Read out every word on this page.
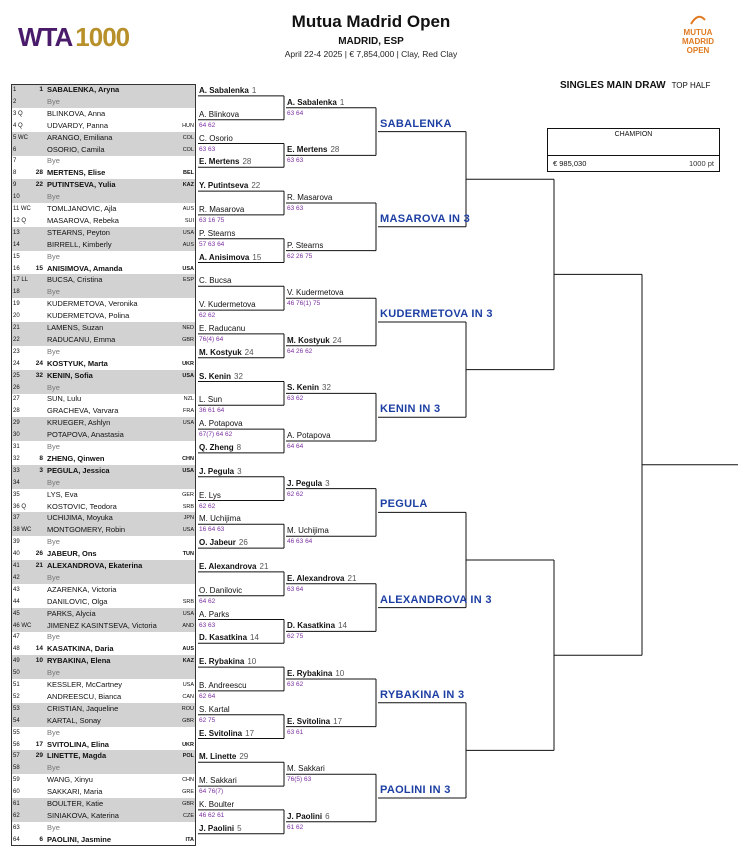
WTA 1000
Mutua Madrid Open
MADRID, ESP
April 22-4 2025 | € 7,854,000 | Clay, Red Clay

MUTUA
MADRID
OPEN
SINGLES MAIN DRAW TOP HALF
CHAMPION
€ 985,030	1000 pt
1	1 SABALENKA, Aryna
2	Bye
3 Q	BLINKOVA, Anna
4 Q	UDVARDY, Panna	HUN
5 WC	ARANGO, Emiliana	COL
6	OSORIO, Camila	COL
7	Bye
8	28 MERTENS, Elise	BEL
9	22 PUTINTSEVA, Yulia	KAZ
10	Bye
11 WC TOMLJANOVIC, Ajla	AUS
12 Q	MASAROVA, Rebeka	SUI
13	STEARNS, Peyton	USA
14	BIRRELL, Kimberly	AUS
15	Bye
16	15 ANISIMOVA, Amanda	USA
17 LL	BUCSA, Cristina	ESP
18	Bye
19	KUDERMETOVA, Veronika
20	KUDERMETOVA, Polina
21	LAMENS, Suzan	NED
22	RADUCANU, Emma	GBR
23	Bye
24	24 KOSTYUK, Marta	UKR
25	32 KENIN, Sofia	USA
26	Bye
27	SUN, Lulu	NZL
28	GRACHEVA, Varvara	FRA
29	KRUEGER, Ashlyn	USA
30	POTAPOVA, Anastasia
31	Bye
32	8 ZHENG, Qinwen	CHN
33	3 PEGULA, Jessica	USA
34	Bye
35	LYS, Eva	GER
36 Q	KOSTOVIC, Teodora	SRB
37	UCHIJIMA, Moyuka	JPN
38 WC MONTGOMERY, Robin	USA
39	Bye
40	26 JABEUR, Ons	TUN
41	21 ALEXANDROVA, Ekaterina
42	Bye
43	AZARENKA, Victoria
44	DANILOVIC, Olga	SRB
45	PARKS, Alycia	USA
46 WC JIMENEZ KASINTSEVA, Victoria	AND
47	Bye
48	14 KASATKINA, Daria	AUS
49	10 RYBAKINA, Elena	KAZ
50	Bye
51	KESSLER, McCartney	USA
52	ANDREESCU, Bianca	CAN
53	CRISTIAN, Jaqueline	ROU
54	KARTAL, Sonay	GBR
55	Bye
56	17 SVITOLINA, Elina	UKR
57	29 LINETTE, Magda	POL
58	Bye
59	WANG, Xinyu	CHN
60	SAKKARI, Maria	GRE
61	BOULTER, Katie	GBR
62	SINIAKOVA, Katerina	CZE
63	Bye
64	6 PAOLINI, Jasmine	ITA
A. Sabalenka 1
A. Blinkova
64 62
C. Osorio
63 63
E. Mertens 28
Y. Putintseva 22
R. Masarova
63 16 75
P. Stearns
57 63 64
A. Anisimova 15
C. Bucsa
V. Kudermetova
62 62
E. Raducanu
76(4) 64
M. Kostyuk 24
S. Kenin 32
L. Sun
36 61 64
A. Potapova
67(7) 64 62
Q. Zheng 8
J. Pegula 3
E. Lys
62 62
M. Uchijima
16 64 63
O. Jabeur 26
E. Alexandrova 21
O. Danilovic
64 62
A. Parks
63 63
D. Kasatkina 14
E. Rybakina 10
B. Andreescu
62 64
S. Kartal
62 75
E. Svitolina 17
M. Linette 29
M. Sakkari
64 76(7)
K. Boulter
46 62 61
J. Paolini 5
A. Sabalenka 1
63 64
E. Mertens 28
63 63
R. Masarova
63 63
P. Stearns
62 26 75
V. Kudermetova
46 76(1) 75
M. Kostyuk 24
64 26 62
S. Kenin 32
63 62
A. Potapova
64 64
J. Pegula 3
62 62
M. Uchijima
46 63 64
E. Alexandrova 21
63 64
D. Kasatkina 14
62 75
E. Rybakina 10
63 62
E. Svitolina 17
63 61
M. Sakkari
76(5) 63
J. Paolini 6
61 62
SABALENKA
MASAROVA IN 3
KUDERMETOVA IN 3
KENIN IN 3
PEGULA
ALEXANDROVA IN 3
RYBAKINA IN 3
PAOLINI IN 3
